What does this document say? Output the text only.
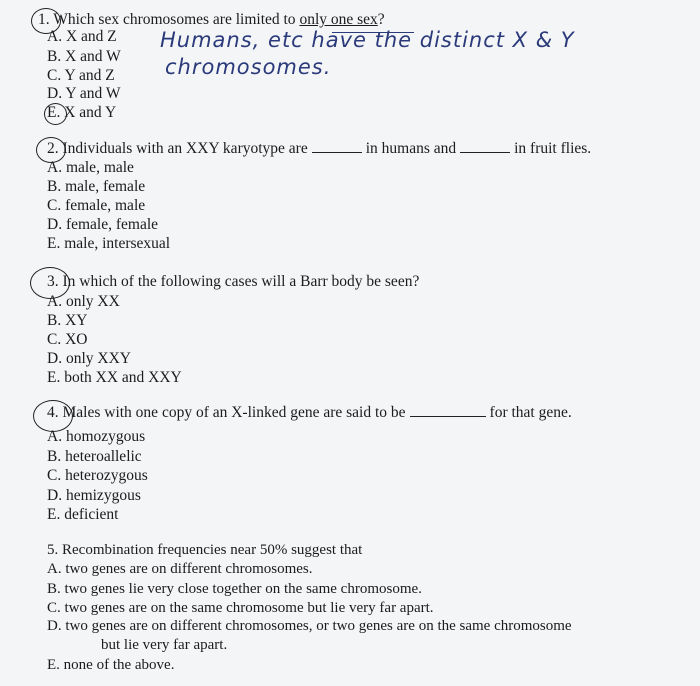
1. Which sex chromosomes are limited to only one sex?
A. X and Z
B. X and W
C. Y and Z
D. Y and W
E. X and Y
Humans, etc have the distinct X & Y
chromosomes.
2. Individuals with an XXY karyotype are	in humans and	in fruit flies.
A. male, male
B. male, female
C. female, male
D. female, female
E. male, intersexual
3. In which of the following cases will a Barr body be seen?
A. only XX
B. XY
C. XO
D. only XXY
E. both XX and XXY
4. Males with one copy of an X-linked gene are said to be	for that gene.
A. homozygous
B. heteroallelic
C. heterozygous
D. hemizygous
E. deficient
5. Recombination frequencies near 50% suggest that
A. two genes are on different chromosomes.
B. two genes lie very close together on the same chromosome.
C. two genes are on the same chromosome but lie very far apart.
D. two genes are on different chromosomes, or two genes are on the same chromosome
but lie very far apart.
E. none of the above.
